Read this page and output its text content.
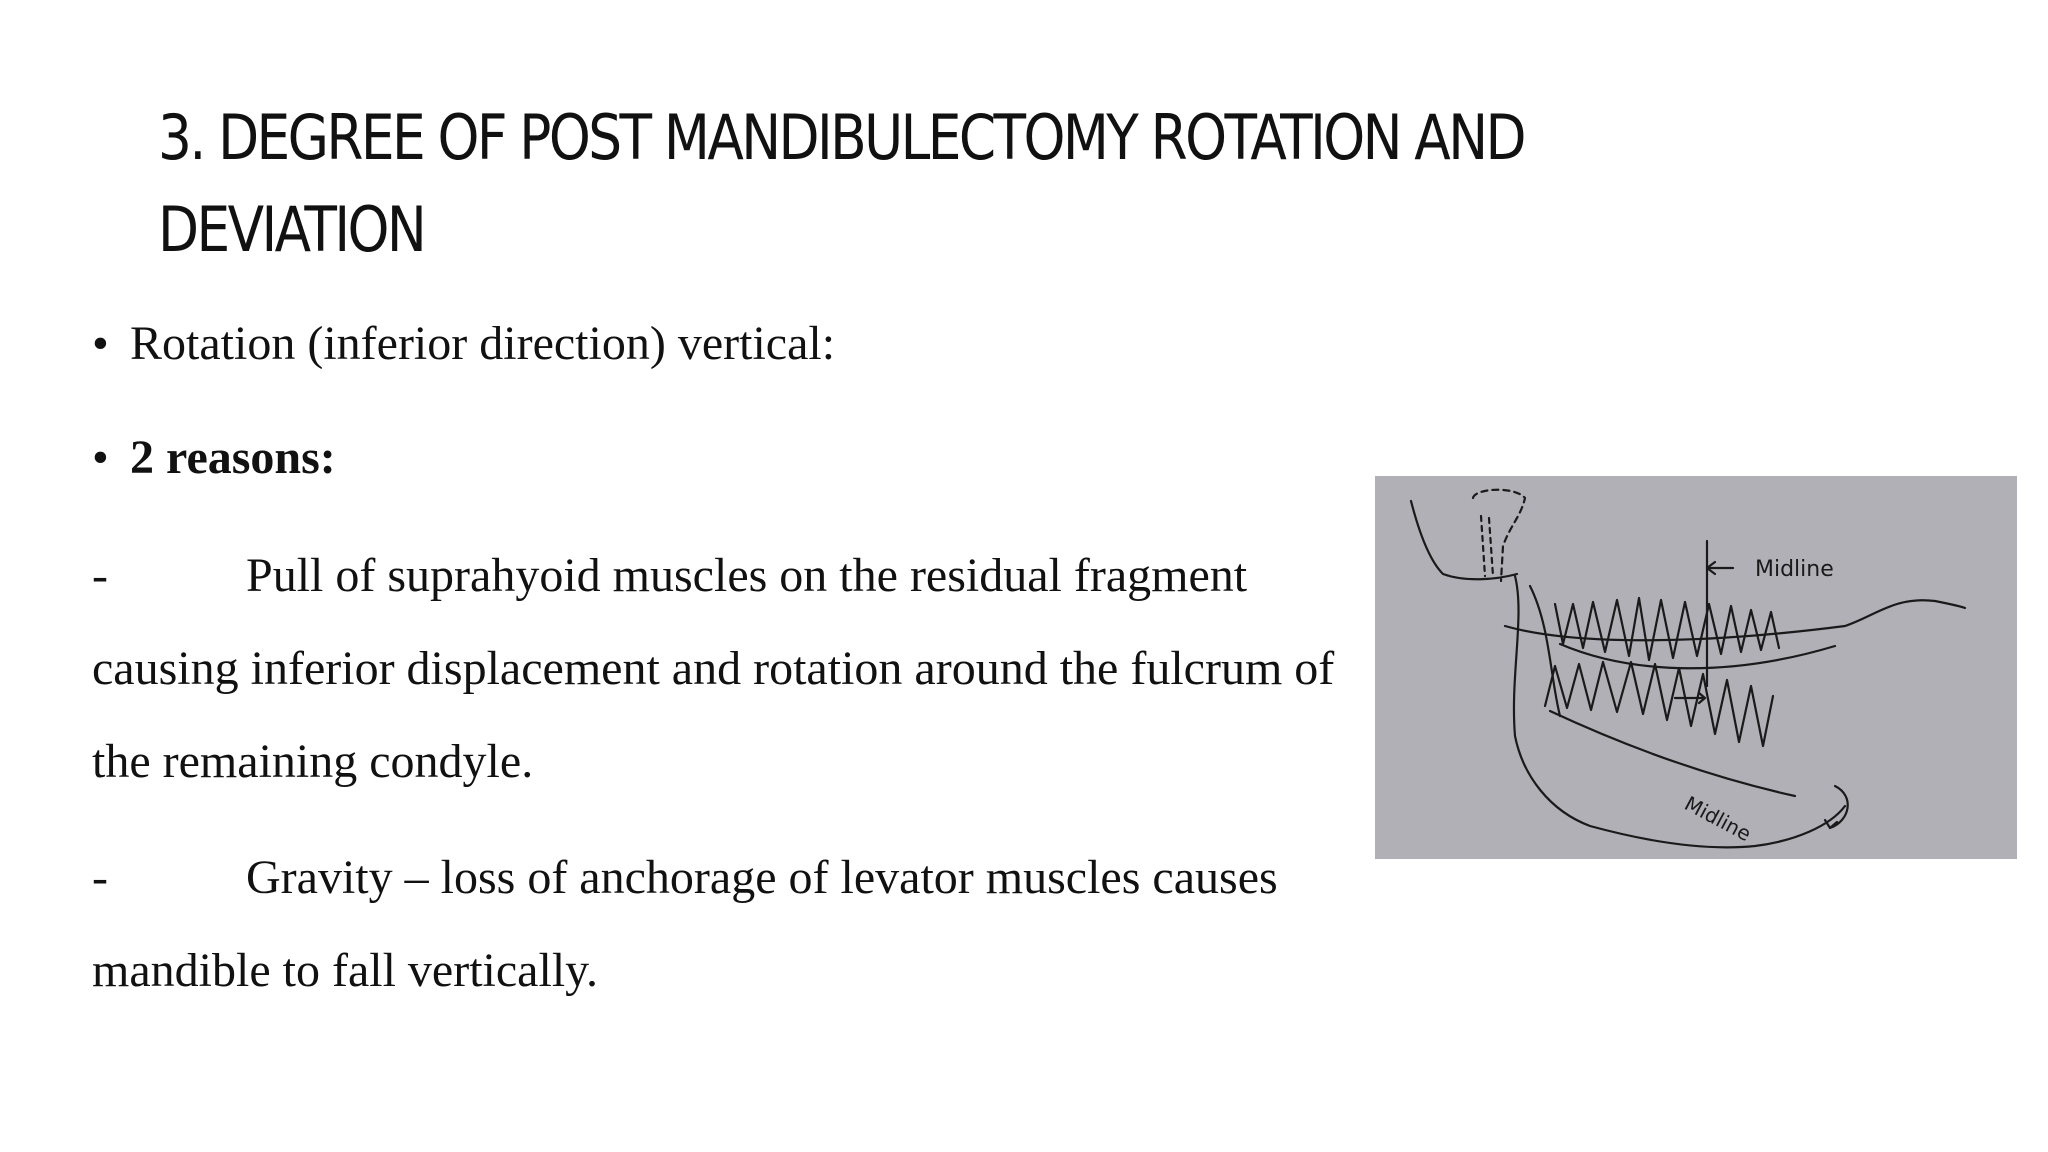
3. DEGREE OF POST MANDIBULECTOMY ROTATION AND
DEVIATION
• Rotation (inferior direction) vertical:
• 2 reasons:
-	Pull of suprahyoid muscles on the residual fragment causing inferior displacement and rotation around the fulcrum of the remaining condyle.
-	Gravity – loss of anchorage of levator muscles causes mandible to fall vertically.
Midline
Midline
